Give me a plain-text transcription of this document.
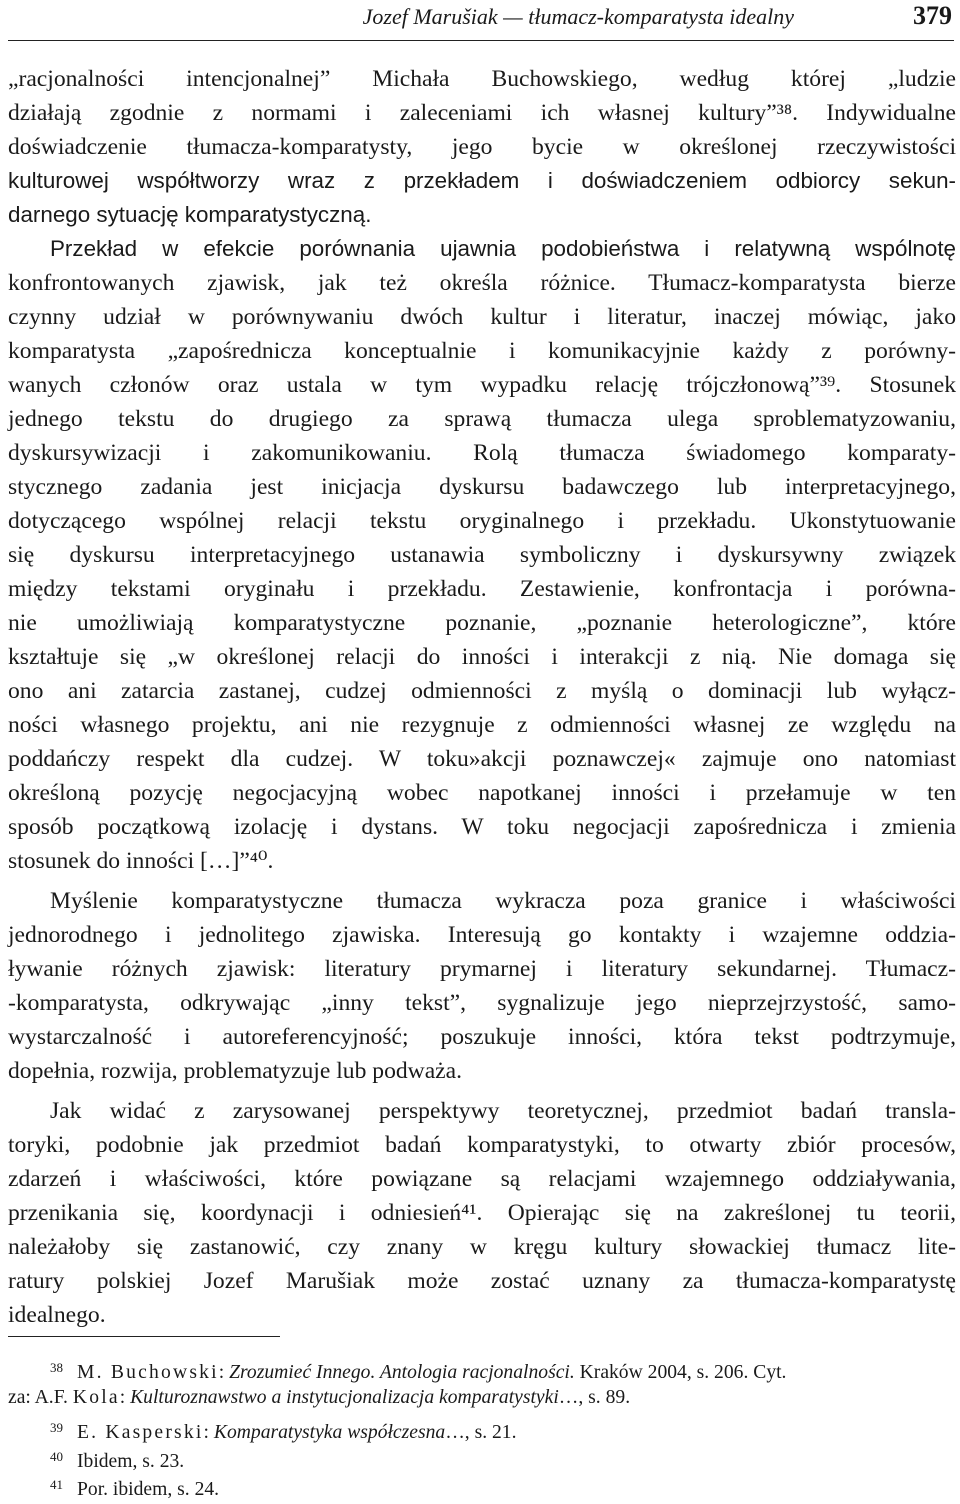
Jozef Marušiak — tłumacz-komparatysta idealny	379
„racjonalności intencjonalnej” Michała Buchowskiego, według której „ludzie
działają zgodnie z normami i zaleceniami ich własnej kultury”³⁸. Indywidualne
doświadczenie tłumacza-komparatysty, jego bycie w określonej rzeczywistości
kulturowej współtworzy wraz z przekładem i doświadczeniem odbiorcy sekun-
darnego sytuację komparatystyczną.
Przekład w efekcie porównania ujawnia podobieństwa i relatywną wspólnotę
konfrontowanych zjawisk, jak też określa różnice. Tłumacz-komparatysta bierze
czynny udział w porównywaniu dwóch kultur i literatur, inaczej mówiąc, jako
komparatysta „zapośrednicza konceptualnie i komunikacyjnie każdy z porówny-
wanych członów oraz ustala w tym wypadku relację trójczłonową”³⁹. Stosunek
jednego tekstu do drugiego za sprawą tłumacza ulega sproblematyzowaniu,
dyskursywizacji i zakomunikowaniu. Rolą tłumacza świadomego komparaty-
stycznego zadania jest inicjacja dyskursu badawczego lub interpretacyjnego,
dotyczącego wspólnej relacji tekstu oryginalnego i przekładu. Ukonstytuowanie
się dyskursu interpretacyjnego ustanawia symboliczny i dyskursywny związek
między tekstami oryginału i przekładu. Zestawienie, konfrontacja i porówna-
nie umożliwiają komparatystyczne poznanie, „poznanie heterologiczne”, które
kształtuje się „w określonej relacji do inności i interakcji z nią. Nie domaga się
ono ani zatarcia zastanej, cudzej odmienności z myślą o dominacji lub wyłącz-
ności własnego projektu, ani nie rezygnuje z odmienności własnej ze względu na
poddańczy respekt dla cudzej. W toku»akcji poznawczej« zajmuje ono natomiast
określoną pozycję negocjacyjną wobec napotkanej inności i przełamuje w ten
sposób początkową izolację i dystans. W toku negocjacji zapośrednicza i zmienia
stosunek do inności […]”⁴⁰.
Myślenie komparatystyczne tłumacza wykracza poza granice i właściwości
jednorodnego i jednolitego zjawiska. Interesują go kontakty i wzajemne oddzia-
ływanie różnych zjawisk: literatury prymarnej i literatury sekundarnej. Tłumacz-
-komparatysta, odkrywając „inny tekst”, sygnalizuje jego nieprzejrzystość, samo-
wystarczalność i autoreferencyjność; poszukuje inności, która tekst podtrzymuje,
dopełnia, rozwija, problematyzuje lub podważa.
Jak widać z zarysowanej perspektywy teoretycznej, przedmiot badań transla-
toryki, podobnie jak przedmiot badań komparatystyki, to otwarty zbiór procesów,
zdarzeń i właściwości, które powiązane są relacjami wzajemnego oddziaływania,
przenikania się, koordynacji i odniesień⁴¹. Opierając się na zakreślonej tu teorii,
należałoby się zastanowić, czy znany w kręgu kultury słowackiej tłumacz lite-
ratury polskiej Jozef Marušiak może zostać uznany za tłumacza-komparatystę
idealnego.
$^{38}$ M. Buchowski: Zrozumieć Innego. Antologia racjonalności. Kraków 2004, s. 206. Cyt.
za: A.F. Kola: Kulturoznawstwo a instytucjonalizacja komparatystyki…, s. 89.
$^{39}$ E. Kasperski: Komparatystyka współczesna…, s. 21.
$^{40}$ Ibidem, s. 23.
$^{41}$ Por. ibidem, s. 24.
